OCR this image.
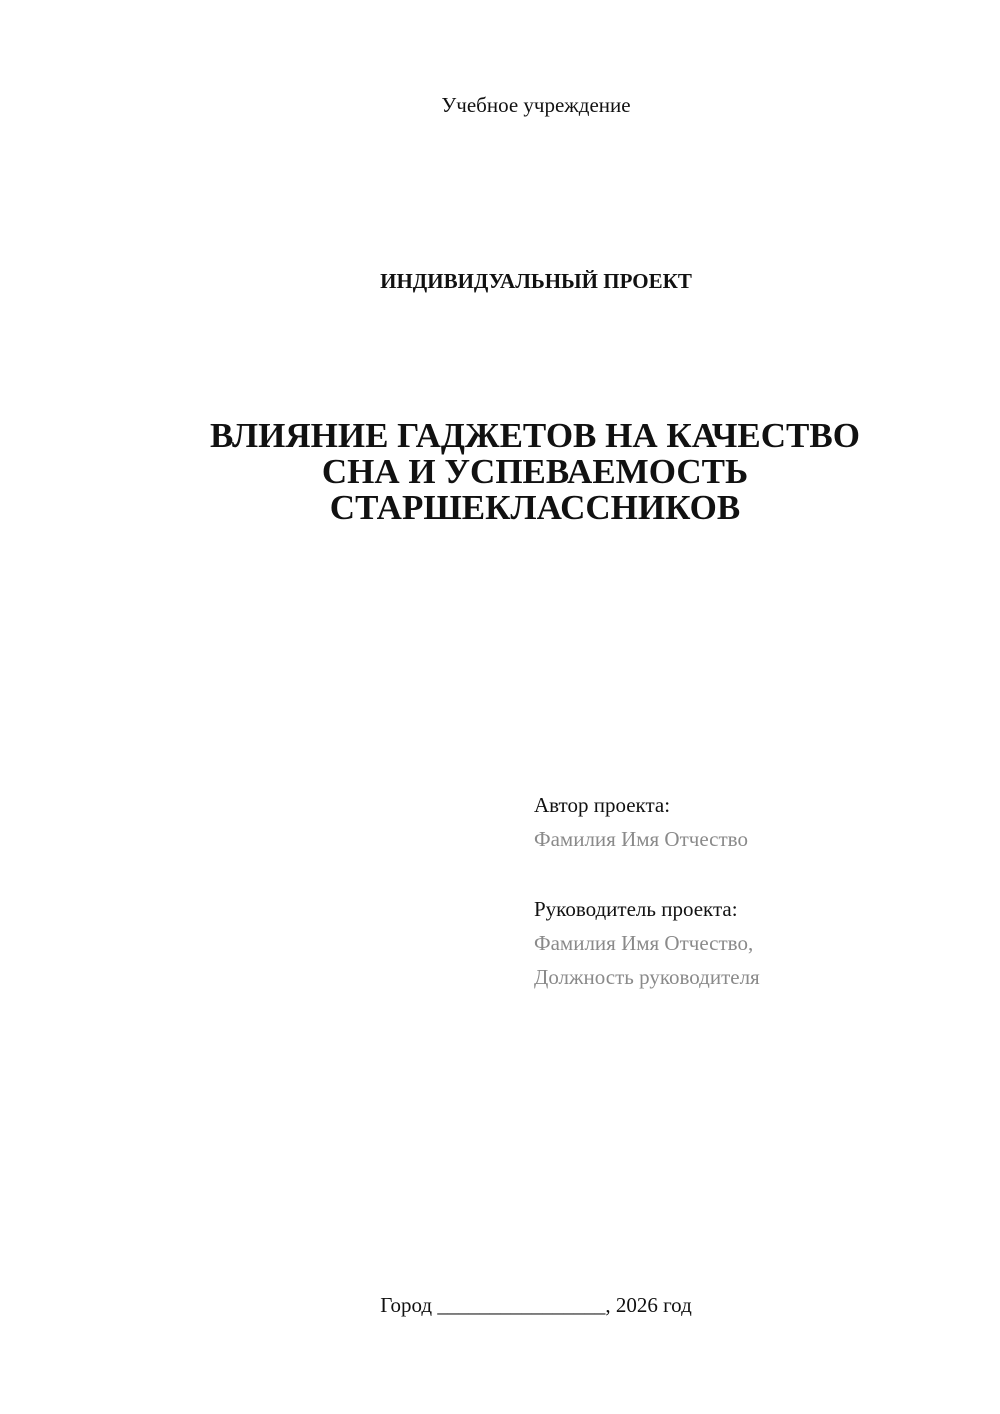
Учебное учреждение
ИНДИВИДУАЛЬНЫЙ ПРОЕКТ
ВЛИЯНИЕ ГАДЖЕТОВ НА КАЧЕСТВО
СНА И УСПЕВАЕМОСТЬ
СТАРШЕКЛАССНИКОВ
Автор проекта:
Фамилия Имя Отчество
Руководитель проекта:
Фамилия Имя Отчество,
Должность руководителя
Город ________________, 2026 год
